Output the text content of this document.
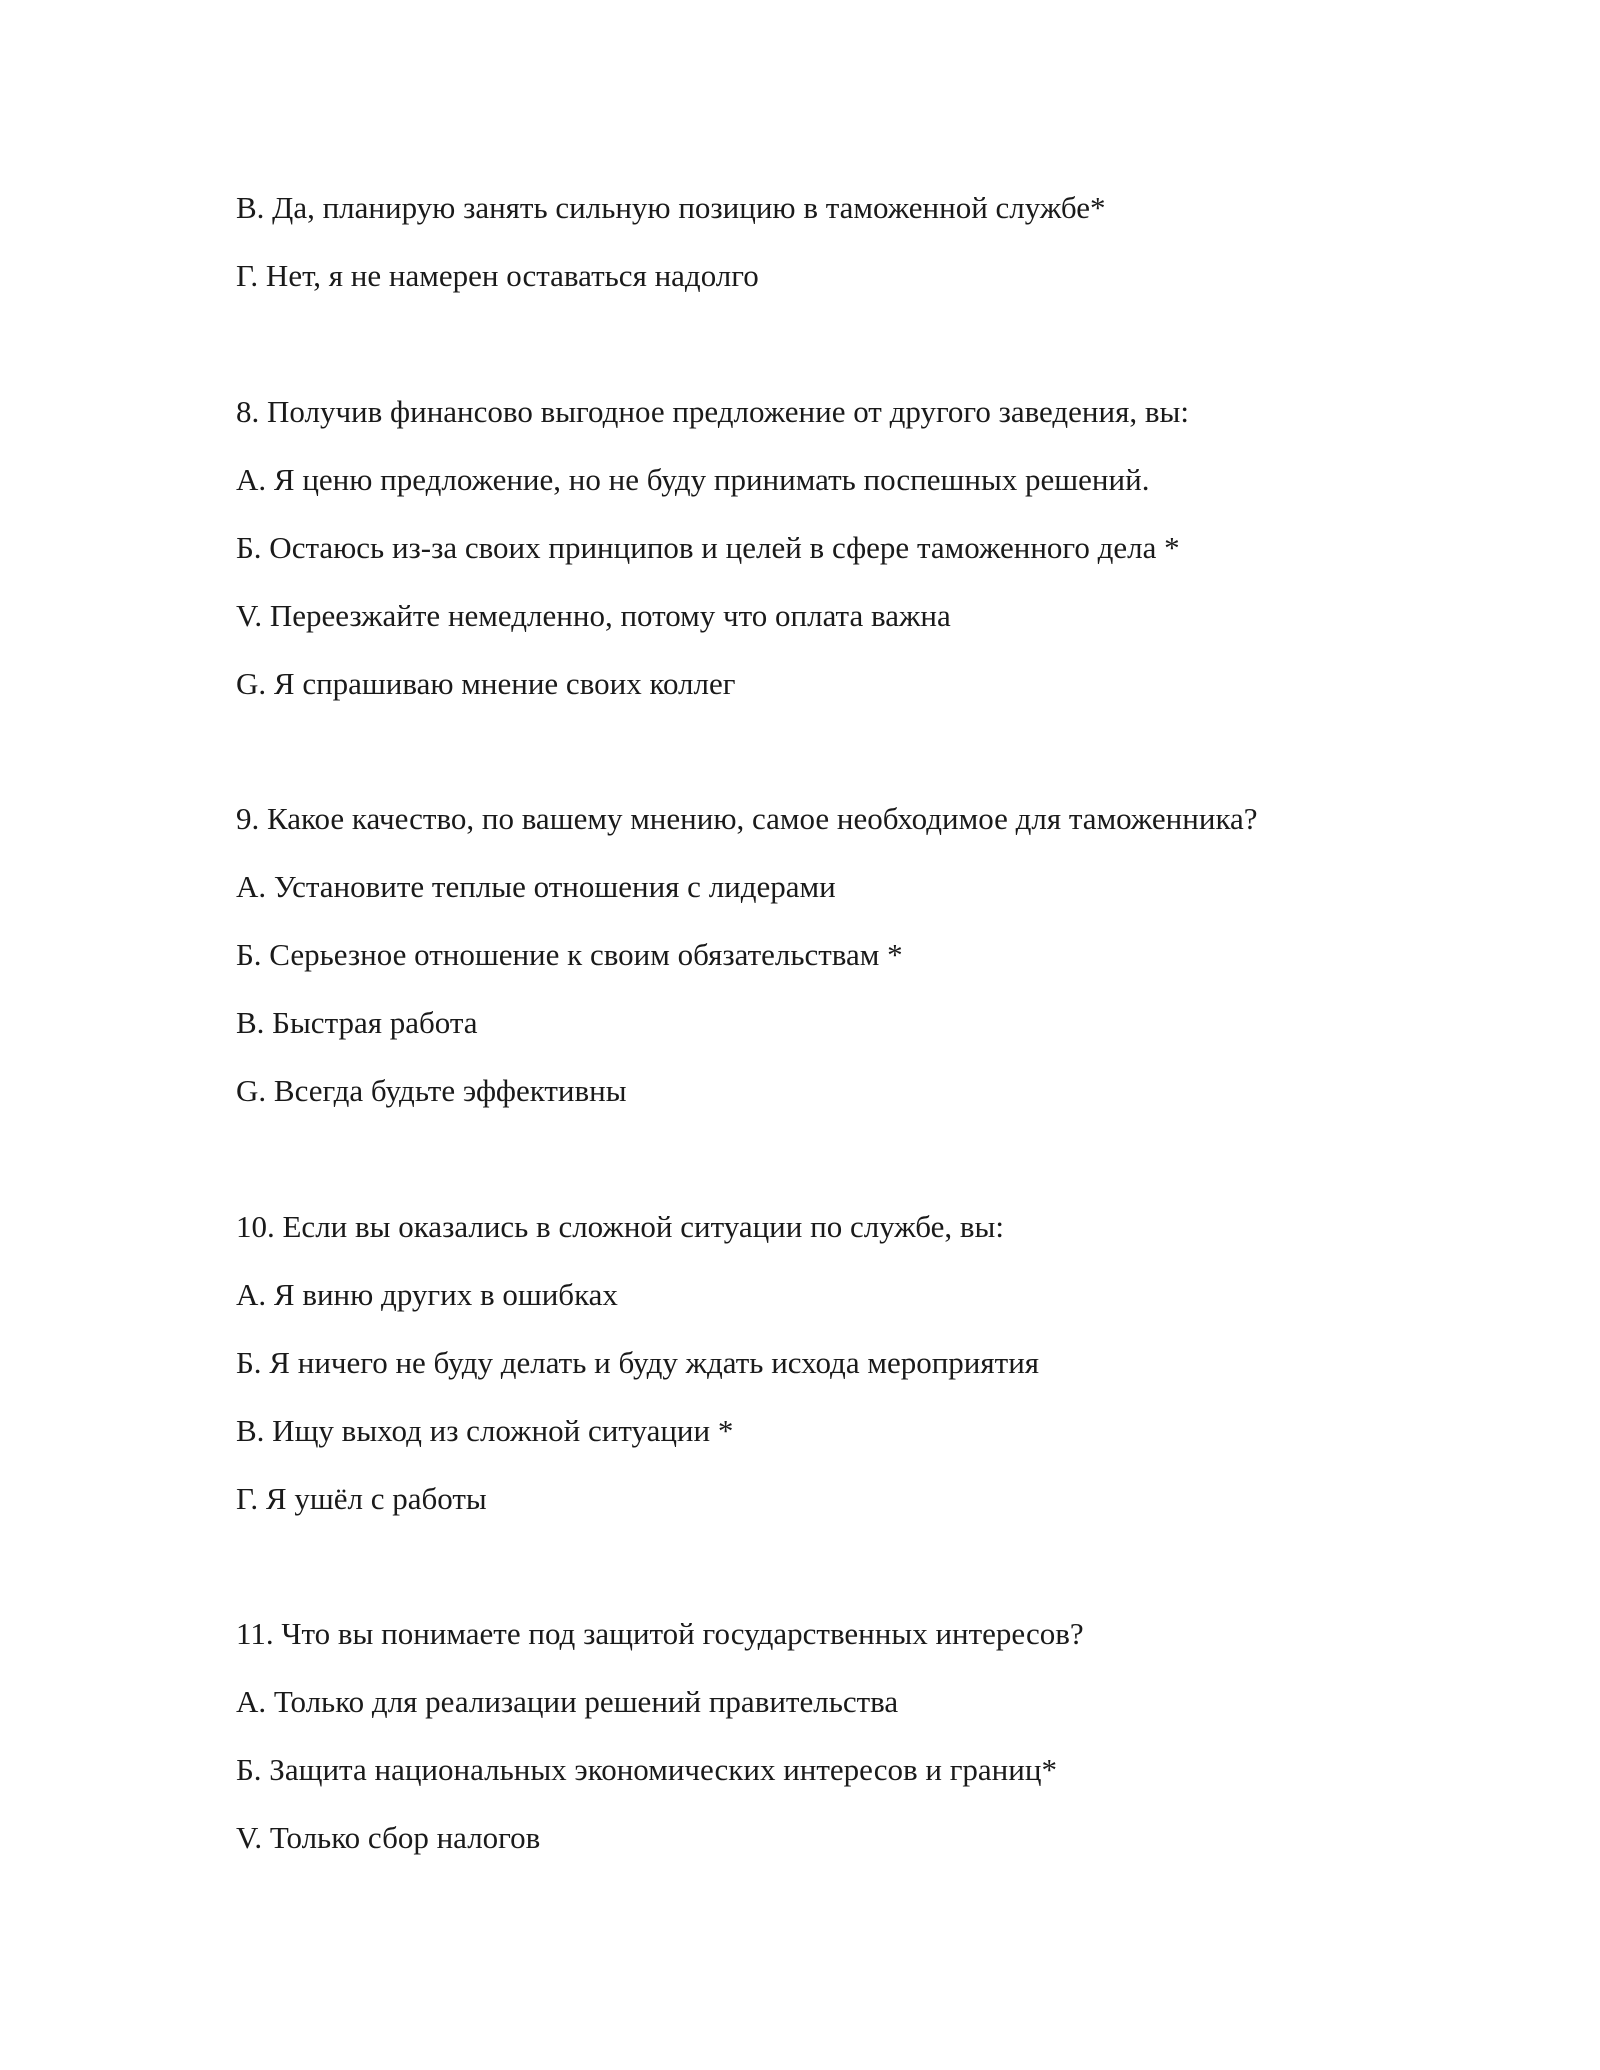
В. Да, планирую занять сильную позицию в таможенной службе*
Г. Нет, я не намерен оставаться надолго
8. Получив финансово выгодное предложение от другого заведения, вы:
А. Я ценю предложение, но не буду принимать поспешных решений.
Б. Остаюсь из-за своих принципов и целей в сфере таможенного дела *
V. Переезжайте немедленно, потому что оплата важна
G. Я спрашиваю мнение своих коллег
9. Какое качество, по вашему мнению, самое необходимое для таможенника?
А. Установите теплые отношения с лидерами
Б. Серьезное отношение к своим обязательствам *
В. Быстрая работа
G. Всегда будьте эффективны
10. Если вы оказались в сложной ситуации по службе, вы:
А. Я виню других в ошибках
Б. Я ничего не буду делать и буду ждать исхода мероприятия
В. Ищу выход из сложной ситуации *
Г. Я ушёл с работы
11. Что вы понимаете под защитой государственных интересов?
А. Только для реализации решений правительства
Б. Защита национальных экономических интересов и границ*
V. Только сбор налогов
